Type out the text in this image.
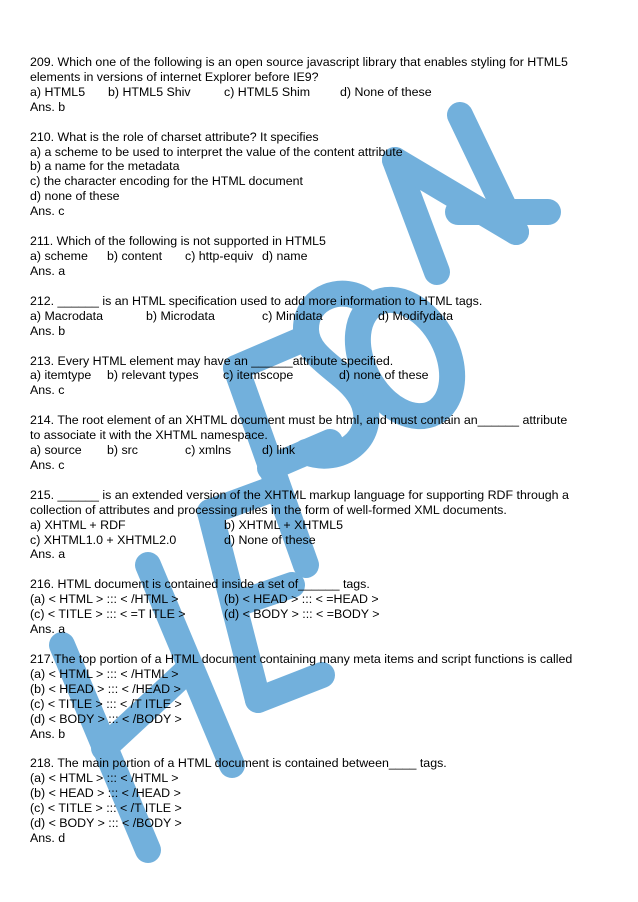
209. Which one of the following is an open source javascript library that enables styling for HTML5
elements in versions of internet Explorer before IE9?
a) HTML5 b) HTML5 Shiv	c) HTML5 Shim d) None of these
Ans. b
210. What is the role of charset attribute? It specifies
a) a scheme to be used to interpret the value of the content attribute
b) a name for the metadata
c) the character encoding for the HTML document
d) none of these
Ans. c
211. Which of the following is not supported in HTML5
a) scheme b) content c) http-equiv d) name
Ans. a
212. ______ is an HTML specification used to add more information to HTML tags.
a) Macrodata	b) Microdata	c) Minidata	d) Modifydata
Ans. b
213. Every HTML element may have an ______attribute specified.
a) itemtype b) relevant types c) itemscope	d) none of these
Ans. c
214. The root element of an XHTML document must be html, and must contain an______ attribute
to associate it with the XHTML namespace.
a) source b) src	c) xmlns d) link
Ans. c
215. ______ is an extended version of the XHTML markup language for supporting RDF through a
collection of attributes and processing rules in the form of well-formed XML documents.
a) XHTML + RDF	b) XHTML + XHTML5
c) XHTML1.0 + XHTML2.0	d) None of these
Ans. a
216. HTML document is contained inside a set of______ tags.
(a) < HTML > ::: < /HTML >	(b) < HEAD > ::: < =HEAD >
(c) < TITLE > ::: < =T ITLE >	(d) < BODY > ::: < =BODY >
Ans. a
217.The top portion of a HTML document containing many meta items and script functions is called
(a) < HTML > ::: < /HTML >
(b) < HEAD > ::: < /HEAD >
(c) < TITLE > ::: < /T ITLE >
(d) < BODY > ::: < /BODY >
Ans. b
218. The main portion of a HTML document is contained between____ tags.
(a) < HTML > ::: < /HTML >
(b) < HEAD > ::: < /HEAD >
(c) < TITLE > ::: < /T ITLE >
(d) < BODY > ::: < /BODY >
Ans. d
